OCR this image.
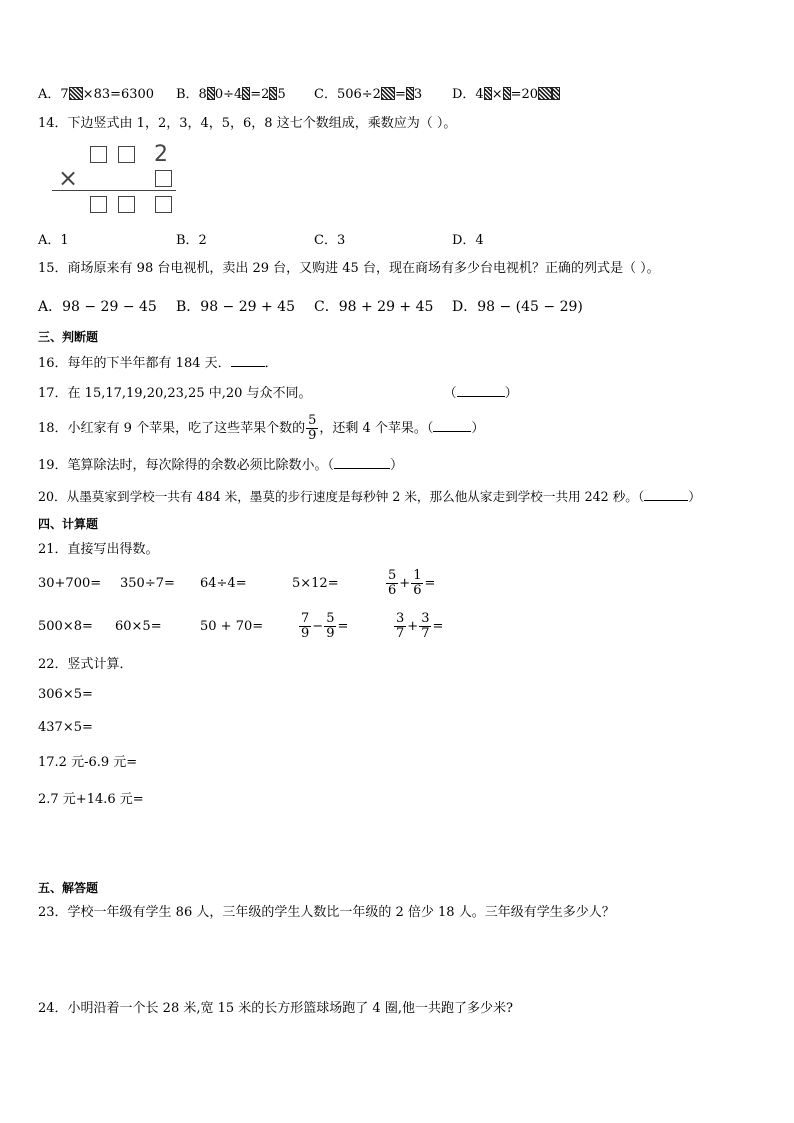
A．7 ×83=6300 B．8 0÷4 =2 5 C．506÷2 = 3 D．4 × =20
14．下边竖式由 1，2，3，4，5，6，8 这七个数组成，乘数应为（ ）。
2
×
A．1	B．2	C．3	D．4
15．商场原来有 98 台电视机，卖出 29 台，又购进 45 台，现在商场有多少台电视机？正确的列式是（ ）。
A．98 − 29 − 45 B．98 − 29 + 45 C．98 + 29 + 45 D．98 − (45 − 29)
三、判断题
16．每年的下半年都有 184 天．	．
17．在 15,17,19,20,23,25 中,20 与众不同。	（	）
18．小红家有 9 个苹果，吃了这些苹果个数的 $\frac{5}{9}$ ，还剩 4 个苹果。（	）
19．笔算除法时，每次除得的余数必须比除数小。（	）
20．从墨莫家到学校一共有 484 米，墨莫的步行速度是每秒钟 2 米，那么他从家走到学校一共用 242 秒。（	）
四、计算题
21．直接写出得数。
30+700= 350÷7= 64÷4=	5×12=	$\frac{5}{6} + \frac{1}{6}$ =
500×8= 60×5=	50 + 70=	$\frac{7}{9} - \frac{5}{9}$ =	$\frac{3}{7} + \frac{3}{7}$ =
22．竖式计算．
306×5=
437×5=
17.2 元-6.9 元=
2.7 元+14.6 元=
五、解答题
23．学校一年级有学生 86 人，三年级的学生人数比一年级的 2 倍少 18 人。三年级有学生多少人？
24．小明沿着一个长 28 米,宽 15 米的长方形篮球场跑了 4 圈,他一共跑了多少米?
